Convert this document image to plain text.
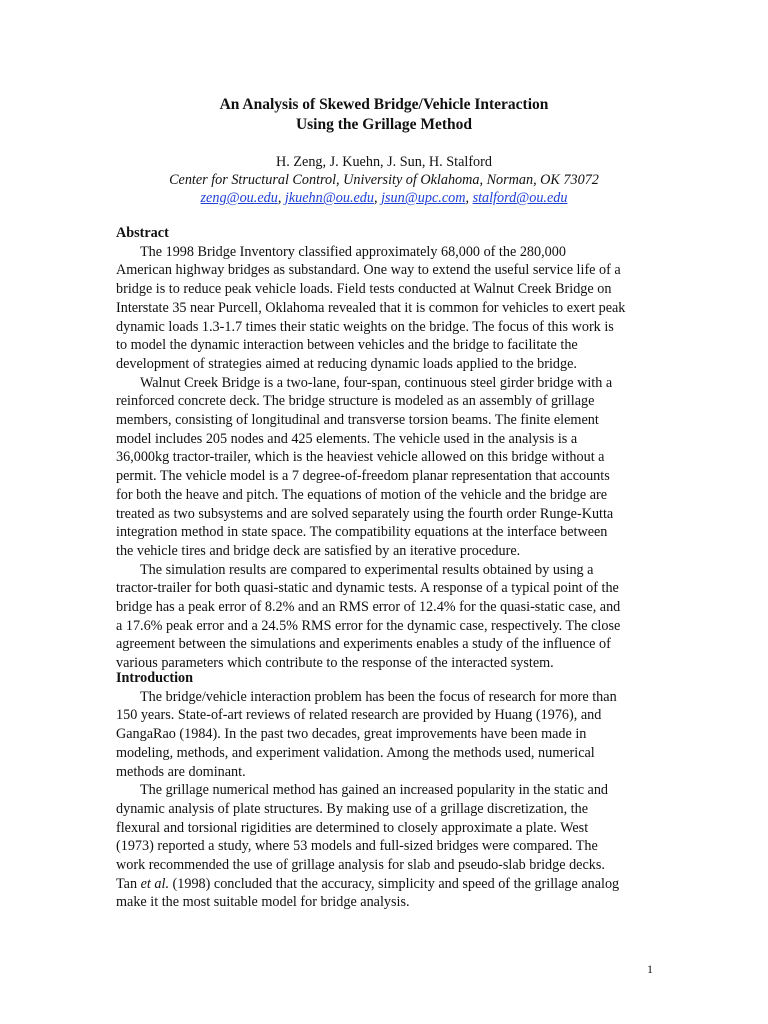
An Analysis of Skewed Bridge/Vehicle Interaction
Using the Grillage Method
H. Zeng, J. Kuehn, J. Sun, H. Stalford
Center for Structural Control, University of Oklahoma, Norman, OK 73072
zeng@ou.edu, jkuehn@ou.edu, jsun@upc.com, stalford@ou.edu
Abstract
The 1998 Bridge Inventory classified approximately 68,000 of the 280,000
American highway bridges as substandard. One way to extend the useful service life of a
bridge is to reduce peak vehicle loads. Field tests conducted at Walnut Creek Bridge on
Interstate 35 near Purcell, Oklahoma revealed that it is common for vehicles to exert peak
dynamic loads 1.3-1.7 times their static weights on the bridge. The focus of this work is
to model the dynamic interaction between vehicles and the bridge to facilitate the
development of strategies aimed at reducing dynamic loads applied to the bridge.
Walnut Creek Bridge is a two-lane, four-span, continuous steel girder bridge with a
reinforced concrete deck. The bridge structure is modeled as an assembly of grillage
members, consisting of longitudinal and transverse torsion beams. The finite element
model includes 205 nodes and 425 elements. The vehicle used in the analysis is a
36,000kg tractor-trailer, which is the heaviest vehicle allowed on this bridge without a
permit. The vehicle model is a 7 degree-of-freedom planar representation that accounts
for both the heave and pitch. The equations of motion of the vehicle and the bridge are
treated as two subsystems and are solved separately using the fourth order Runge-Kutta
integration method in state space. The compatibility equations at the interface between
the vehicle tires and bridge deck are satisfied by an iterative procedure.
The simulation results are compared to experimental results obtained by using a
tractor-trailer for both quasi-static and dynamic tests. A response of a typical point of the
bridge has a peak error of 8.2% and an RMS error of 12.4% for the quasi-static case, and
a 17.6% peak error and a 24.5% RMS error for the dynamic case, respectively. The close
agreement between the simulations and experiments enables a study of the influence of
various parameters which contribute to the response of the interacted system.
Introduction
The bridge/vehicle interaction problem has been the focus of research for more than
150 years. State-of-art reviews of related research are provided by Huang (1976), and
GangaRao (1984). In the past two decades, great improvements have been made in
modeling, methods, and experiment validation. Among the methods used, numerical
methods are dominant.
The grillage numerical method has gained an increased popularity in the static and
dynamic analysis of plate structures. By making use of a grillage discretization, the
flexural and torsional rigidities are determined to closely approximate a plate. West
(1973) reported a study, where 53 models and full-sized bridges were compared. The
work recommended the use of grillage analysis for slab and pseudo-slab bridge decks.
Tan et al. (1998) concluded that the accuracy, simplicity and speed of the grillage analog
make it the most suitable model for bridge analysis.
1
